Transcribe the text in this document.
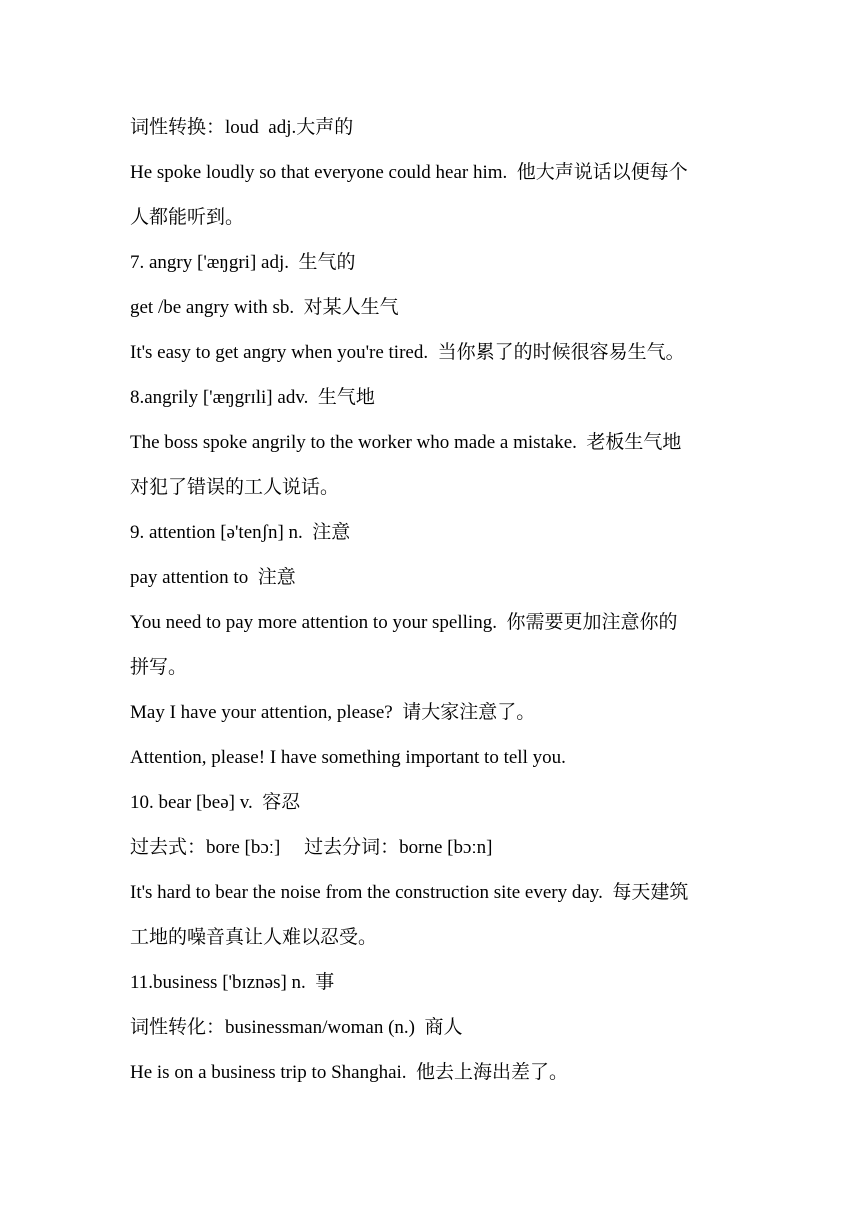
词性转换：loud  adj.大声的
He spoke loudly so that everyone could hear him.  他大声说话以便每个
人都能听到。
7. angry ['æŋgri] adj.  生气的
get /be angry with sb.  对某人生气
It's easy to get angry when you're tired.  当你累了的时候很容易生气。
8.angrily ['æŋgrɪli] adv.  生气地
The boss spoke angrily to the worker who made a mistake.  老板生气地
对犯了错误的工人说话。
9. attention [ə'tenʃn] n.  注意
pay attention to  注意
You need to pay more attention to your spelling.  你需要更加注意你的
拼写。
May I have your attention, please?  请大家注意了。
Attention, please! I have something important to tell you.
10. bear [beə] v.  容忍
过去式：bore [bɔː]     过去分词：borne [bɔːn]
It's hard to bear the noise from the construction site every day.  每天建筑
工地的噪音真让人难以忍受。
11.business ['bɪznəs] n.  事
词性转化：businessman/woman (n.)  商人
He is on a business trip to Shanghai.  他去上海出差了。
